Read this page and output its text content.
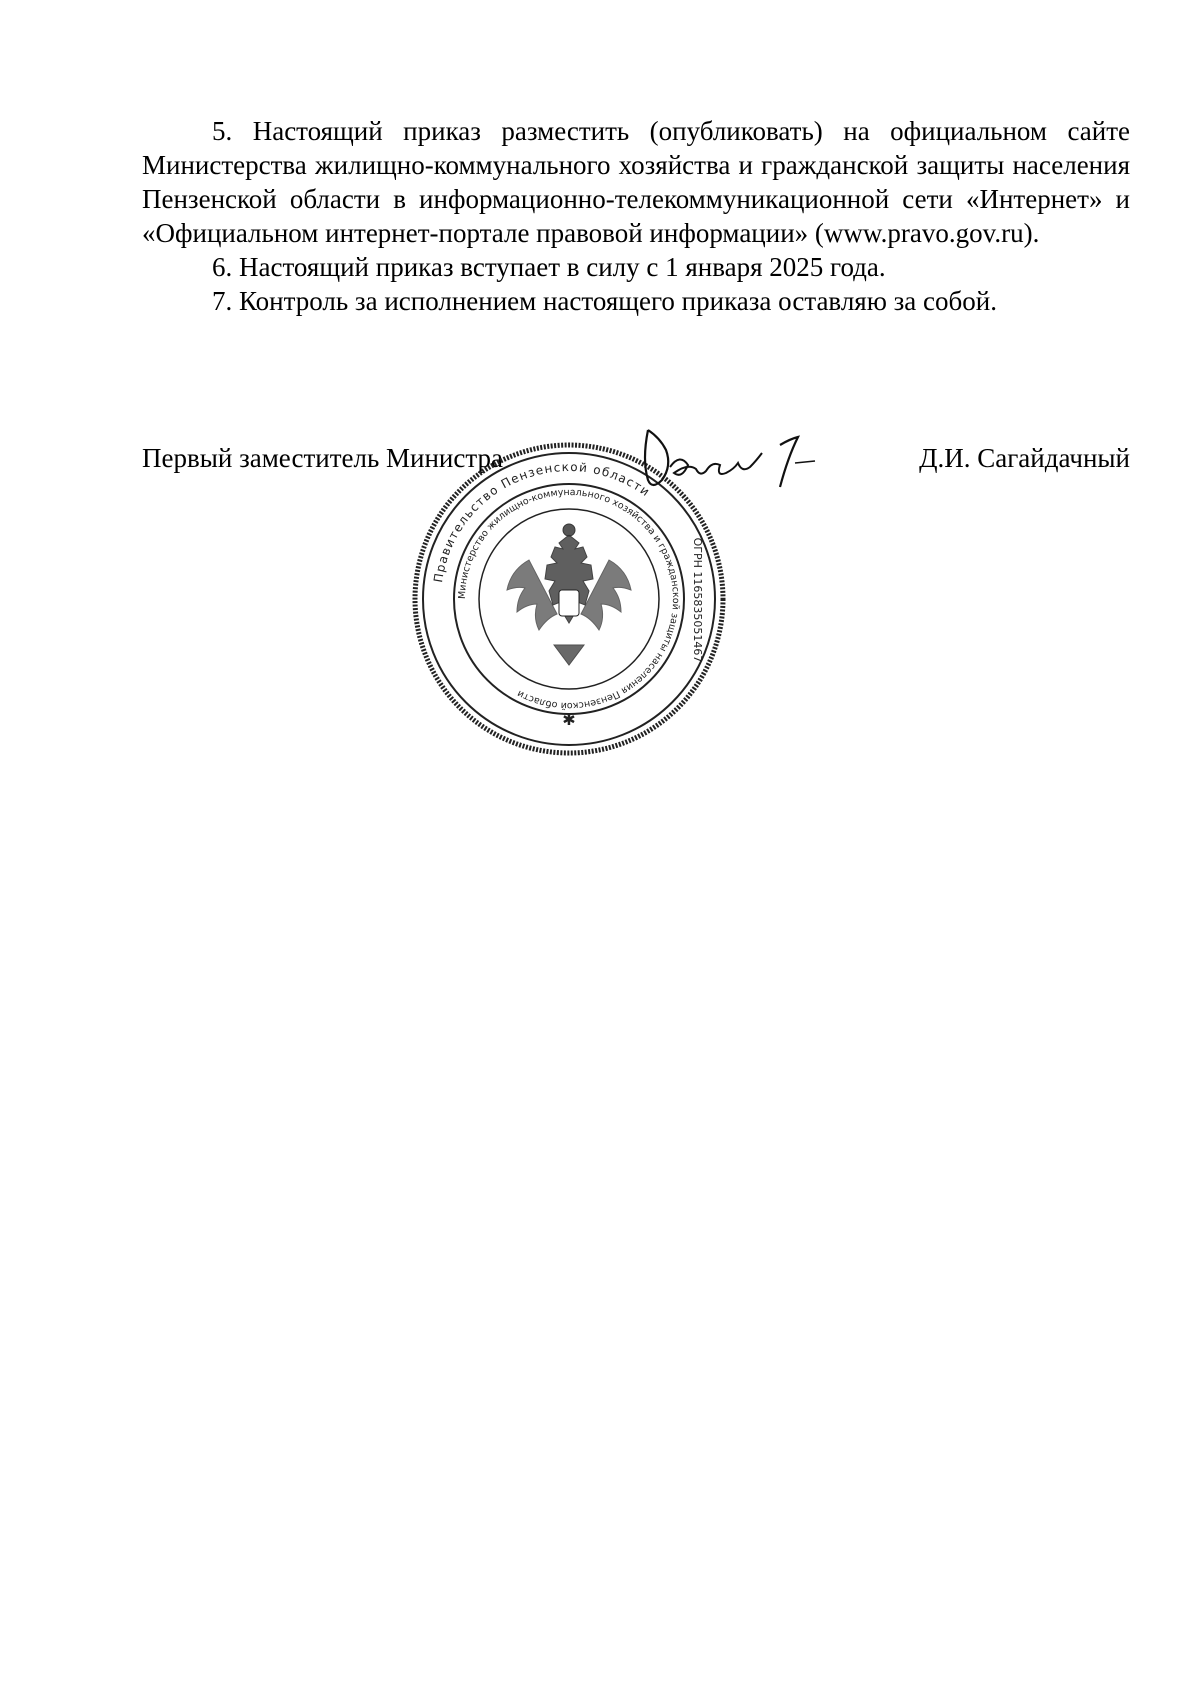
5. Настоящий приказ разместить (опубликовать) на официальном сайте Министерства жилищно-коммунального хозяйства и гражданской защиты населения Пензенской области в информационно-телекоммуникационной сети «Интернет» и «Официальном интернет-портале правовой информации» (www.pravo.gov.ru).

6. Настоящий приказ вступает в силу с 1 января 2025 года.

7. Контроль за исполнением настоящего приказа оставляю за собой.

Первый заместитель Министра	Д.И. Сагайдачный
Правительство Пензенской области
Министерство жилищно-коммунального хозяйства и гражданской защиты населения Пензенской области
ОГРН 1165835051467
✱
